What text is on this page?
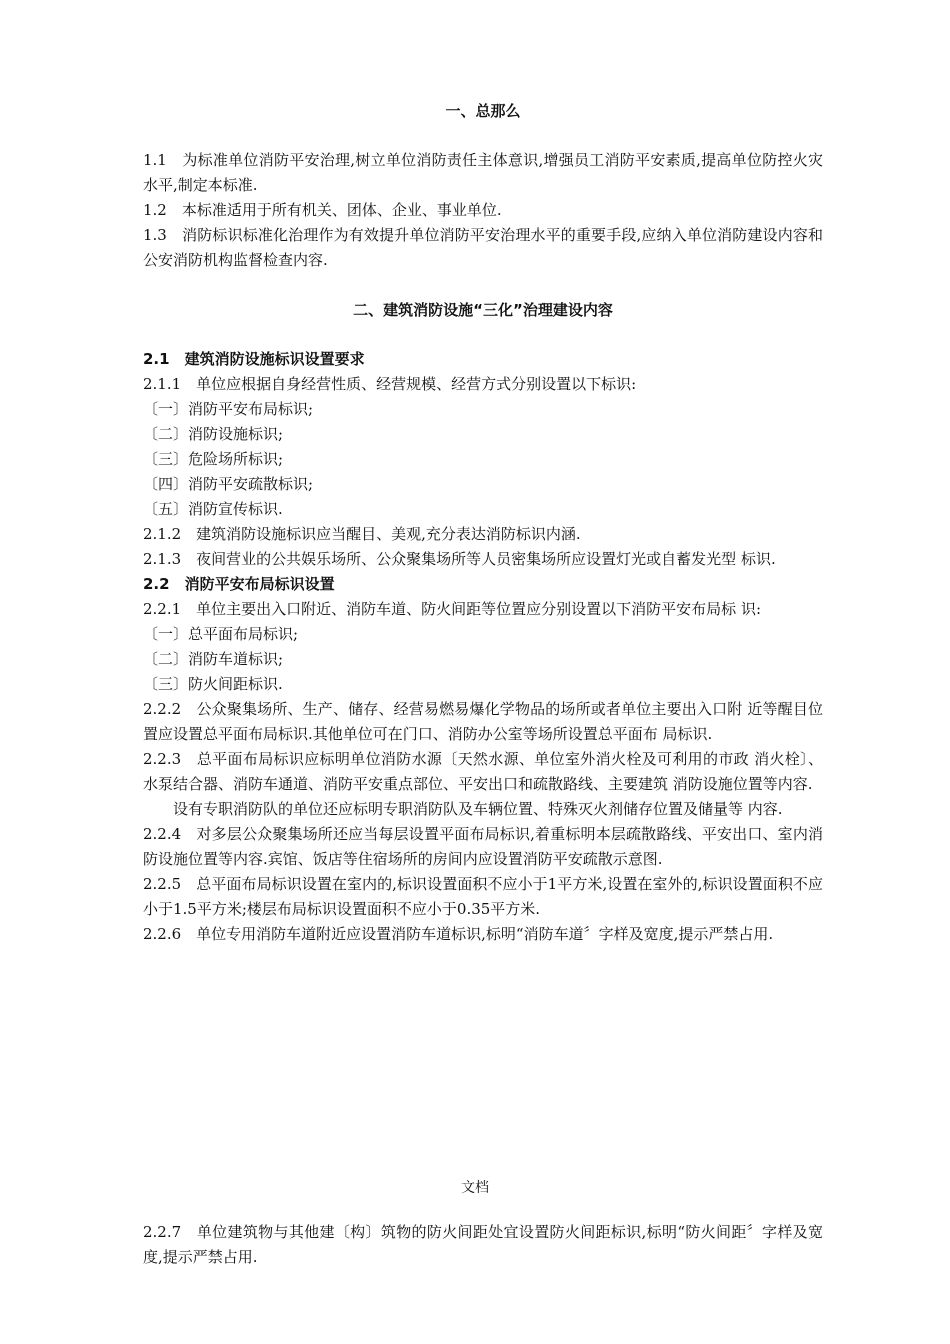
一、总那么

1.1　为标准单位消防平安治理,树立单位消防责任主体意识,增强员工消防平安素质,提高单位防控火灾水平,制定本标准.

1.2　本标准适用于所有机关、团体、企业、事业单位.

1.3　消防标识标准化治理作为有效提升单位消防平安治理水平的重要手段,应纳入单位消防建设内容和公安消防机构监督检查内容.

二、建筑消防设施“三化”治理建设内容

2.1　建筑消防设施标识设置要求

2.1.1　单位应根据自身经营性质、经营规模、经营方式分别设置以下标识:

〔一〕消防平安布局标识;

〔二〕消防设施标识;

〔三〕危险场所标识;

〔四〕消防平安疏散标识;

〔五〕消防宣传标识.

2.1.2　建筑消防设施标识应当醒目、美观,充分表达消防标识内涵.

2.1.3　夜间营业的公共娱乐场所、公众聚集场所等人员密集场所应设置灯光或自蓄发光型 标识.

2.2　消防平安布局标识设置

2.2.1　单位主要出入口附近、消防车道、防火间距等位置应分别设置以下消防平安布局标 识:

〔一〕总平面布局标识;

〔二〕消防车道标识;

〔三〕防火间距标识.

2.2.2　公众聚集场所、生产、储存、经营易燃易爆化学物品的场所或者单位主要出入口附 近等醒目位置应设置总平面布局标识.其他单位可在门口、消防办公室等场所设置总平面布 局标识.

2.2.3　总平面布局标识应标明单位消防水源〔天然水源、单位室外消火栓及可利用的市政 消火栓〕、水泵结合器、消防车通道、消防平安重点部位、平安出口和疏散路线、主要建筑 消防设施位置等内容.

设有专职消防队的单位还应标明专职消防队及车辆位置、特殊灭火剂储存位置及储量等 内容.

2.2.4　对多层公众聚集场所还应当每层设置平面布局标识,着重标明本层疏散路线、平安出口、室内消防设施位置等内容.宾馆、饭店等住宿场所的房间内应设置消防平安疏散示意图.

2.2.5　总平面布局标识设置在室内的,标识设置面积不应小于1平方米,设置在室外的,标识设置面积不应小于1.5平方米;楼层布局标识设置面积不应小于0.35平方米.

2.2.6　单位专用消防车道附近应设置消防车道标识,标明“消防车道〞字样及宽度,提示严禁占用.

文档

2.2.7　单位建筑物与其他建〔构〕筑物的防火间距处宜设置防火间距标识,标明“防火间距〞字样及宽度,提示严禁占用.
